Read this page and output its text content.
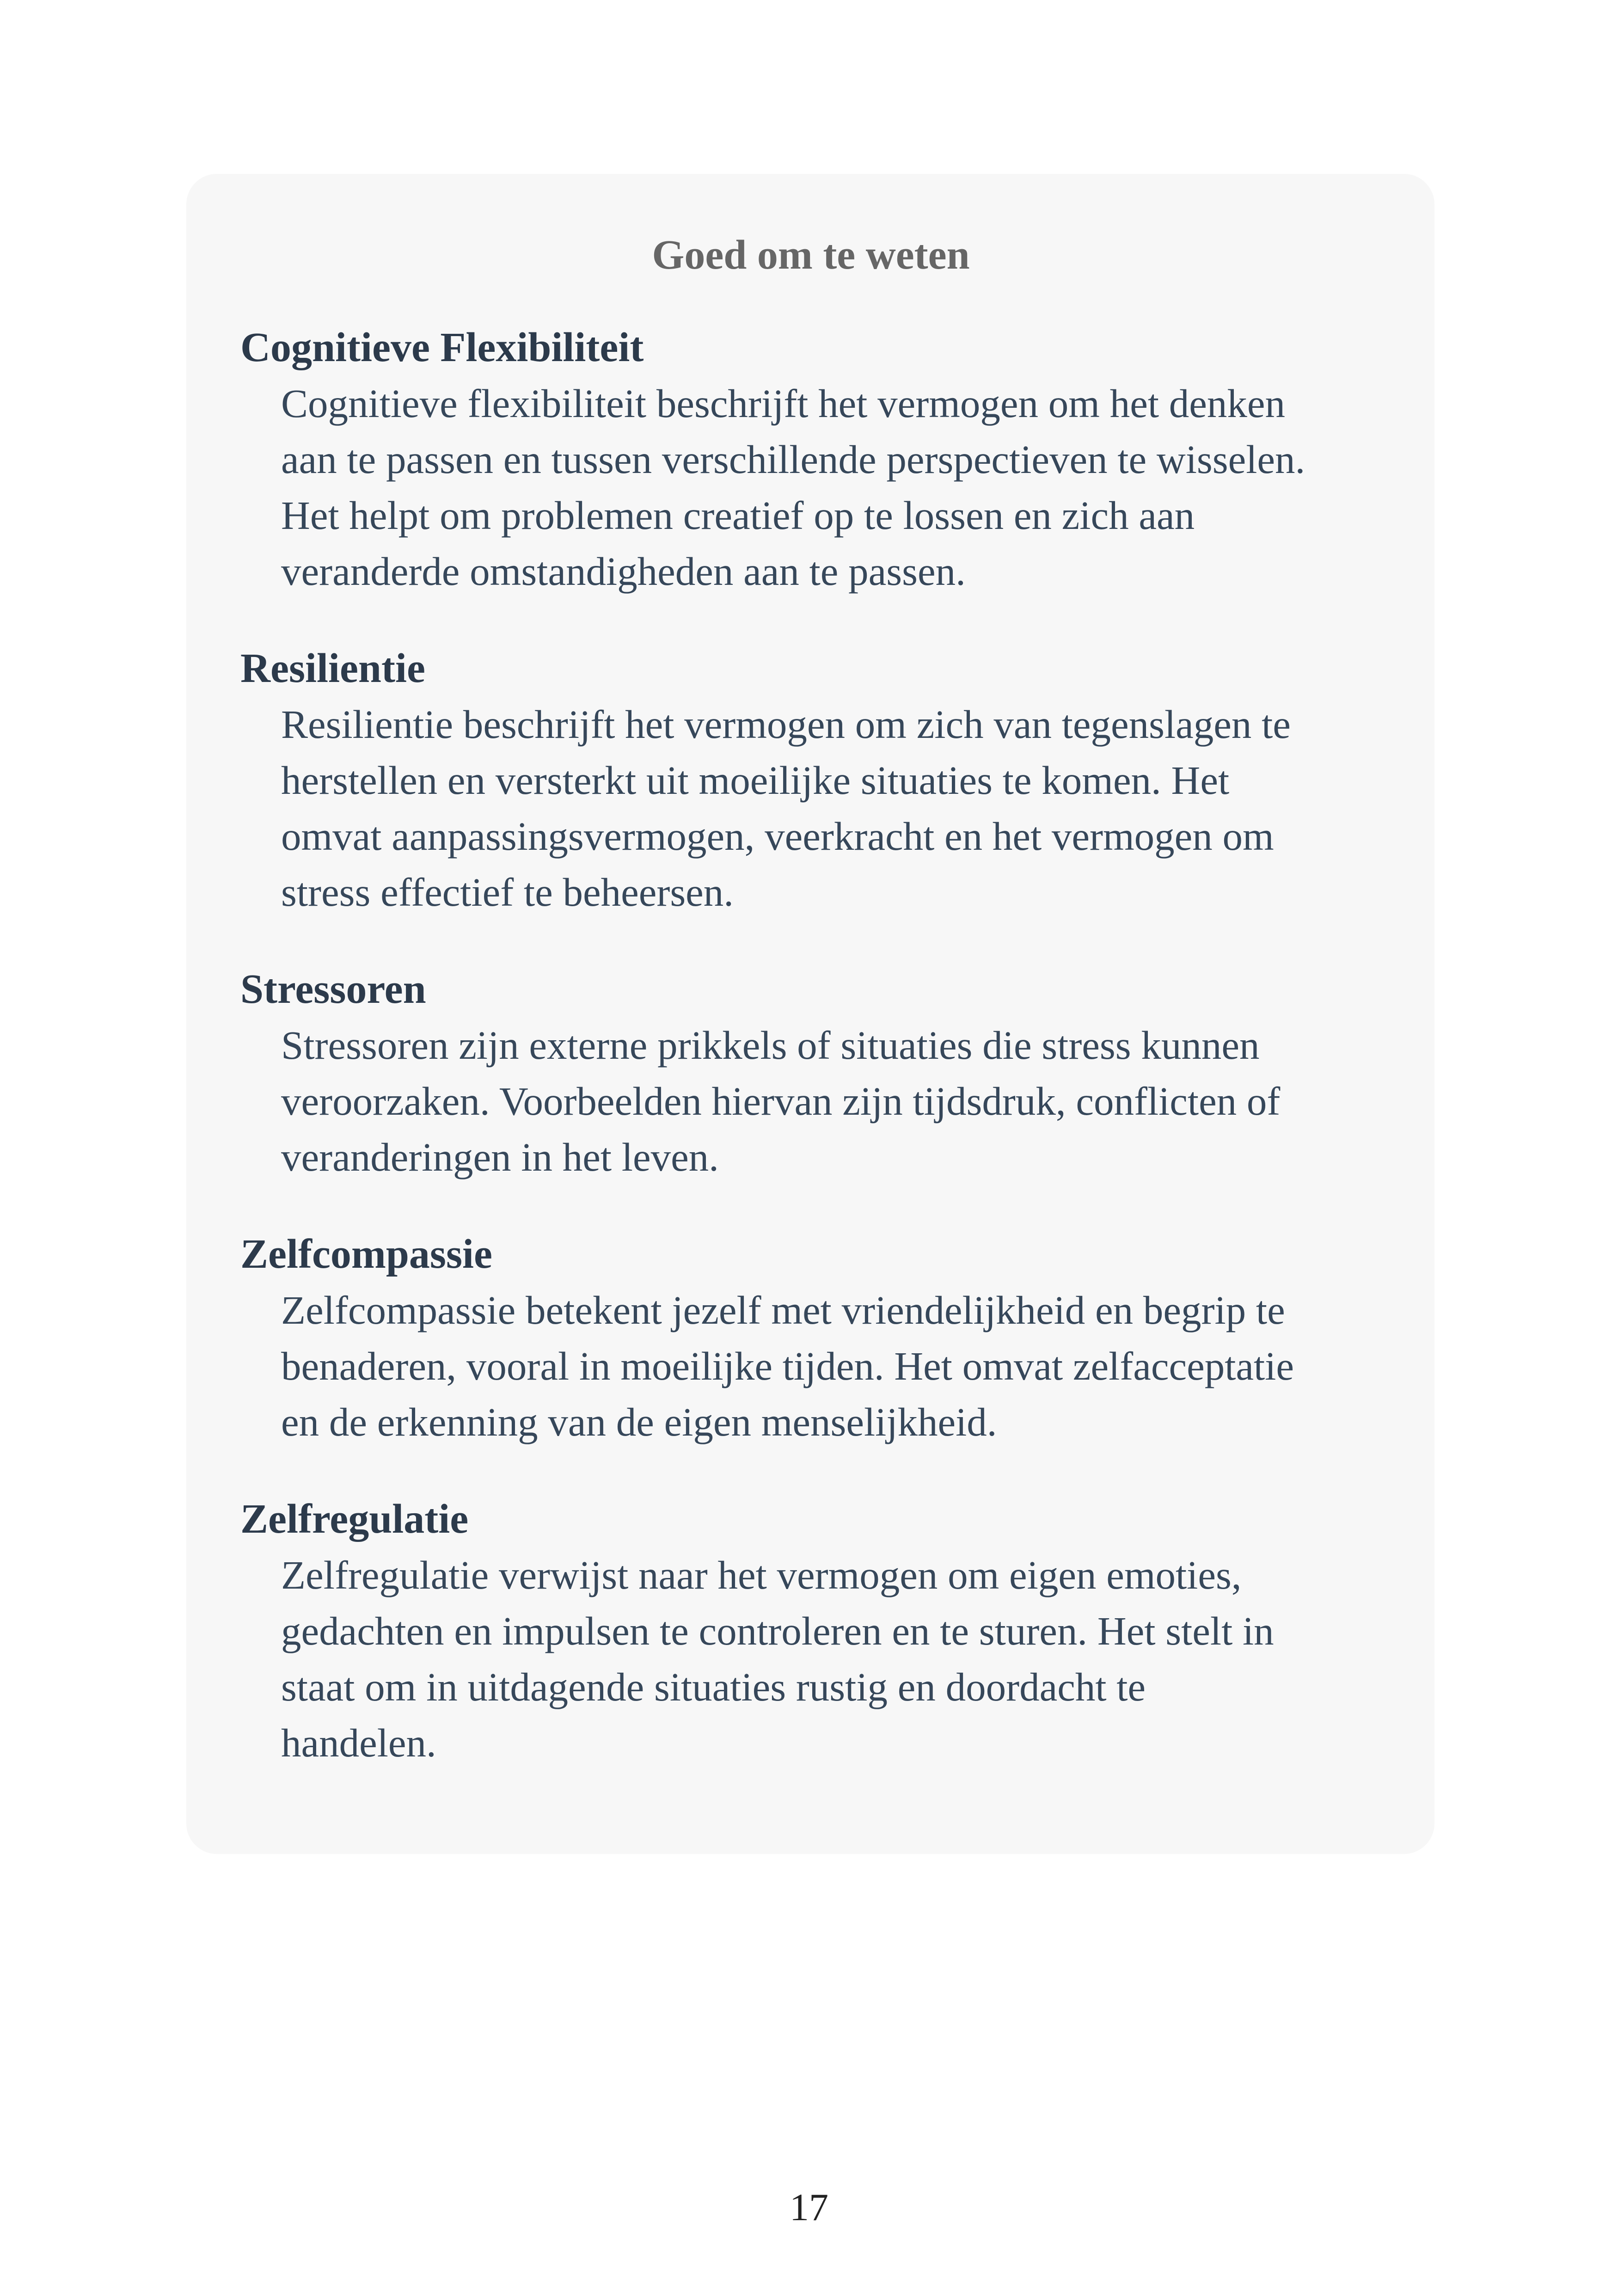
Goed om te weten
Cognitieve Flexibiliteit
Cognitieve flexibiliteit beschrijft het vermogen om het denken
aan te passen en tussen verschillende perspectieven te wisselen.
Het helpt om problemen creatief op te lossen en zich aan
veranderde omstandigheden aan te passen.
Resilientie
Resilientie beschrijft het vermogen om zich van tegenslagen te
herstellen en versterkt uit moeilijke situaties te komen. Het
omvat aanpassingsvermogen, veerkracht en het vermogen om
stress effectief te beheersen.
Stressoren
Stressoren zijn externe prikkels of situaties die stress kunnen
veroorzaken. Voorbeelden hiervan zijn tijdsdruk, conflicten of
veranderingen in het leven.
Zelfcompassie
Zelfcompassie betekent jezelf met vriendelijkheid en begrip te
benaderen, vooral in moeilijke tijden. Het omvat zelfacceptatie
en de erkenning van de eigen menselijkheid.
Zelfregulatie
Zelfregulatie verwijst naar het vermogen om eigen emoties,
gedachten en impulsen te controleren en te sturen. Het stelt in
staat om in uitdagende situaties rustig en doordacht te
handelen.
17
